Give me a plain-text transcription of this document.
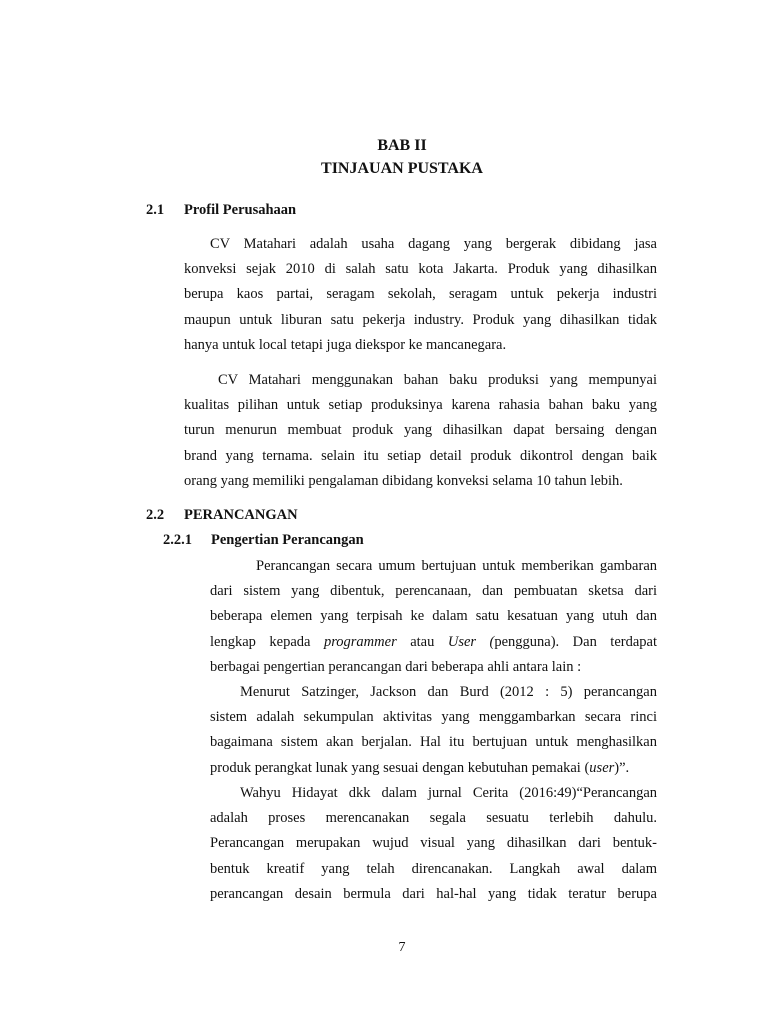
BAB II
TINJAUAN PUSTAKA
2.1 Profil Perusahaan
CV Matahari adalah usaha dagang yang bergerak dibidang jasa
konveksi sejak 2010 di salah satu kota Jakarta. Produk yang dihasilkan
berupa kaos partai, seragam sekolah, seragam untuk pekerja industri
maupun untuk liburan satu pekerja industry. Produk yang dihasilkan tidak
hanya untuk local tetapi juga diekspor ke mancanegara.
CV Matahari menggunakan bahan baku produksi yang mempunyai
kualitas pilihan untuk setiap produksinya karena rahasia bahan baku yang
turun menurun membuat produk yang dihasilkan dapat bersaing dengan
brand yang ternama. selain itu setiap detail produk dikontrol dengan baik
orang yang memiliki pengalaman dibidang konveksi selama 10 tahun lebih.
2.2 PERANCANGAN
2.2.1 Pengertian Perancangan
Perancangan secara umum bertujuan untuk memberikan gambaran
dari sistem yang dibentuk, perencanaan, dan pembuatan sketsa dari
beberapa elemen yang terpisah ke dalam satu kesatuan yang utuh dan
lengkap kepada programmer atau User (pengguna). Dan terdapat
berbagai pengertian perancangan dari beberapa ahli antara lain :
Menurut Satzinger, Jackson dan Burd (2012 : 5) perancangan
sistem adalah sekumpulan aktivitas yang menggambarkan secara rinci
bagaimana sistem akan berjalan. Hal itu bertujuan untuk menghasilkan
produk perangkat lunak yang sesuai dengan kebutuhan pemakai (user)”.
Wahyu Hidayat dkk dalam jurnal Cerita (2016:49)“Perancangan
adalah proses merencanakan segala sesuatu terlebih dahulu.
Perancangan merupakan wujud visual yang dihasilkan dari bentuk-
bentuk kreatif yang telah direncanakan. Langkah awal dalam
perancangan desain bermula dari hal-hal yang tidak teratur berupa
7
